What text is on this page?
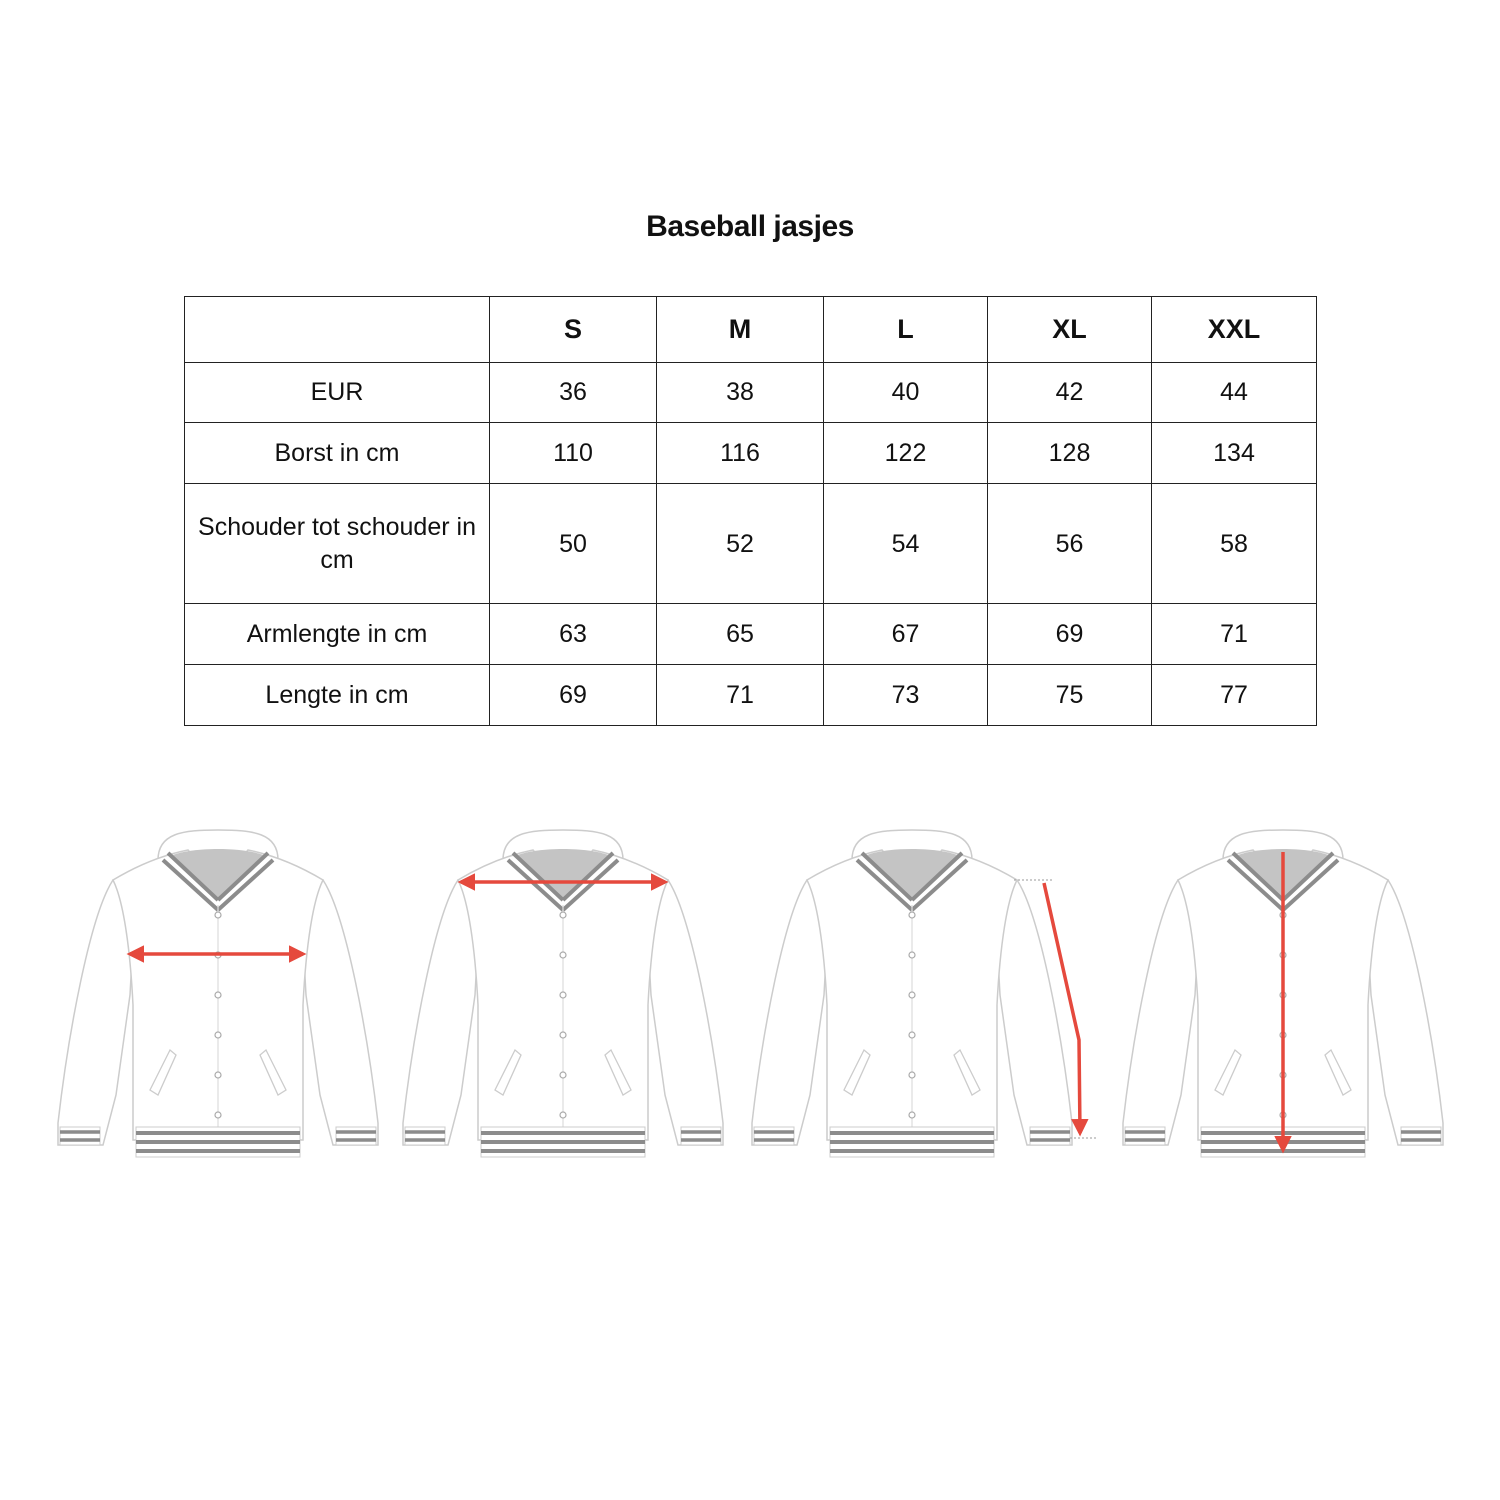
Baseball jasjes
	S	M	L	XL	XXL
EUR	36	38	40	42	44
Borst in cm	110	116	122	128	134
Schouder tot schouder in cm	50	52	54	56	58
Armlengte in cm	63	65	67	69	71
Lengte in cm	69	71	73	75	77
